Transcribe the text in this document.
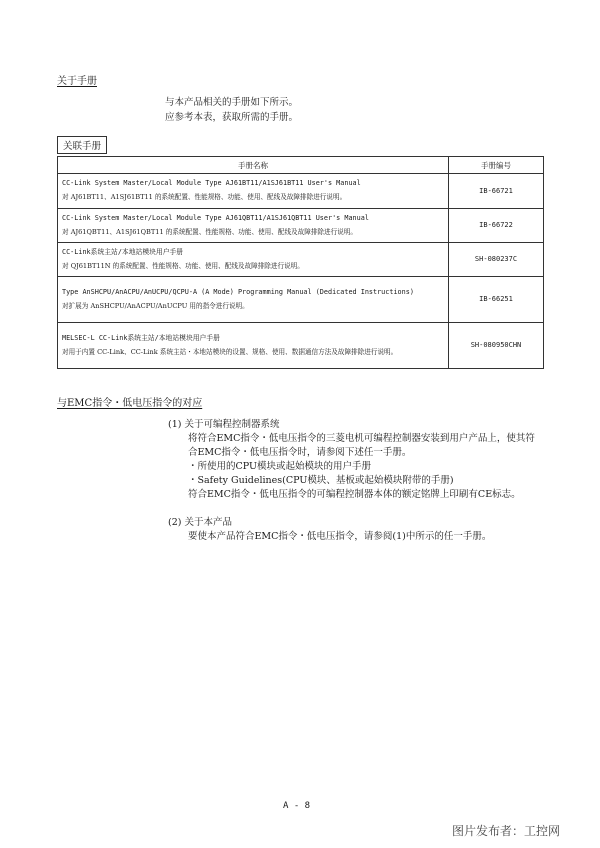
关于手册
与本产品相关的手册如下所示。
应参考本表，获取所需的手册。
关联手册
手册名称	手册编号

CC-Link System Master/Local Module Type AJ61BT11/A1SJ61BT11 User's Manual
对 AJ61BT11、A1SJ61BT11 的系统配置、性能规格、功能、使用、配线及故障排除进行说明。	IB-66721

CC-Link System Master/Local Module Type AJ61QBT11/A1SJ61QBT11 User's Manual
对 AJ61QBT11、A1SJ61QBT11 的系统配置、性能规格、功能、使用、配线及故障排除进行说明。	IB-66722

CC-Link系统主站/本地站模块用户手册
对 QJ61BT11N 的系统配置、性能规格、功能、使用、配线及故障排除进行说明。	SH-080237C

Type AnSHCPU/AnACPU/AnUCPU/QCPU-A (A Mode) Programming Manual (Dedicated Instructions)
对扩展为 AnSHCPU/AnACPU/AnUCPU 用的指令进行说明。	IB-66251

MELSEC-L CC-Link系统主站/本地站模块用户手册
对用于内置 CC-Link、CC-Link 系统主站・本地站模块的设置、规格、使用、数据通信方法及故障排除进行说明。	SH-080950CHN
与EMC指令・低电压指令的对应
(1) 关于可编程控制器系统
将符合EMC指令・低电压指令的三菱电机可编程控制器安装到用户产品上，使其符
合EMC指令・低电压指令时，请参阅下述任一手册。
・所使用的CPU模块或起始模块的用户手册
・Safety Guidelines(CPU模块、基板或起始模块附带的手册)
符合EMC指令・低电压指令的可编程控制器本体的额定铭牌上印刷有CE标志。
(2) 关于本产品
要使本产品符合EMC指令・低电压指令，请参阅(1)中所示的任一手册。
A - 8
图片发布者：工控网
